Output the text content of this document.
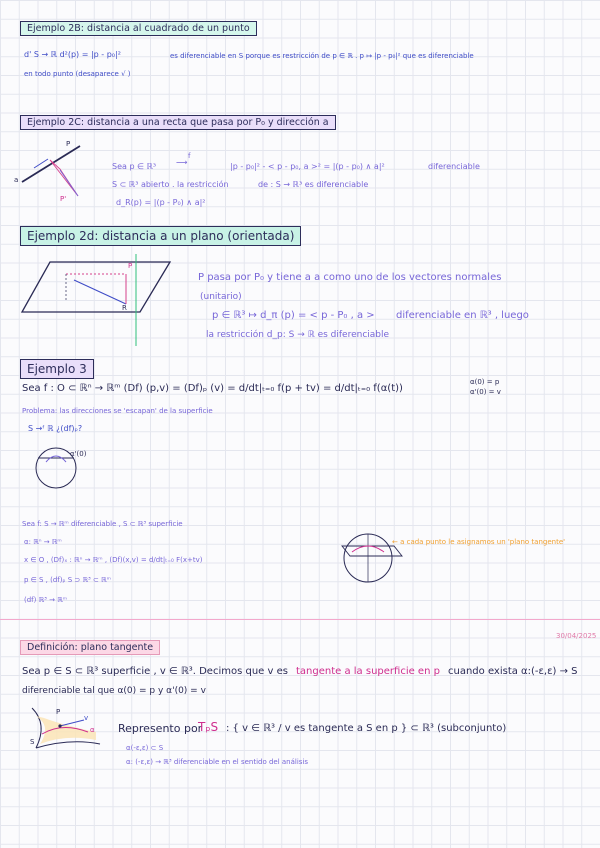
Ejemplo 2B: distancia al cuadrado de un punto
d' S → ℝ d²(p) = |p - p₀|²	es diferenciable en S porque es restricción de p ∈ ℝ . p ↦ |p - p₀|² que es diferenciable
en todo punto (desaparece √ )
Ejemplo 2C: distancia a una recta que pasa por P₀ y dirección a
P
a
P'
Sea p ∈ ℝ³
f
⟶	|p - p₀|² - < p - p₀, a >² = |(p - p₀) ∧ a|²	diferenciable
S ⊂ ℝ³ abierto . la restricción	de : S → ℝ³ es diferenciable
d_R(p) = |(p - P₀) ∧ a|²
Ejemplo 2d: distancia a un plano (orientada)
P
R
P pasa por P₀ y tiene a a como uno de los vectores normales
(unitario)
p ∈ ℝ³ ↦ d_π (p) = < p - P₀ , a > diferenciable en ℝ³ , luego
la restricción d_p: S → ℝ es diferenciable
Ejemplo 3
Sea f : O ⊂ ℝⁿ → ℝᵐ (Df) (p,v) = (Df)ₚ (v) = d/dt|ₜ₌₀ f(p + tv) = d/dt|ₜ₌₀ f(α(t))
α(0) = p
α'(0) = v
Problema: las direcciones se 'escapan' de la superficie
S →ᶠ ℝ ¿(df)ₚ?
α'(0)
Sea f: S → ℝᵐ diferenciable , S ⊂ ℝ³ superficie
α: ℝⁿ → ℝᵐ
x ∈ O , (Df)ₓ : ℝⁿ → ℝᵐ , (Df)(x,v) = d/dt|ₜ₌₀ F(x+tv)
p ∈ S , (df)ₚ S ⊃ ℝ³ ⊂ ℝᵐ
(df) ℝ³ → ℝᵐ
← a cada punto le asignamos un 'plano tangente'
30/04/2025
Definición: plano tangente
Sea p ∈ S ⊂ ℝ³ superficie , v ∈ ℝ³. Decimos que v es tangente a la superficie en p cuando exista α:(-ε,ε) → S
diferenciable tal que α(0) = p y α'(0) = v
P
v
S
α Represento por
TₚS : { v ∈ ℝ³ / v es tangente a S en p } ⊂ ℝ³ (subconjunto)
α(-ε,ε) ⊂ S
α: (-ε,ε) → ℝ³ diferenciable en el sentido del análisis
